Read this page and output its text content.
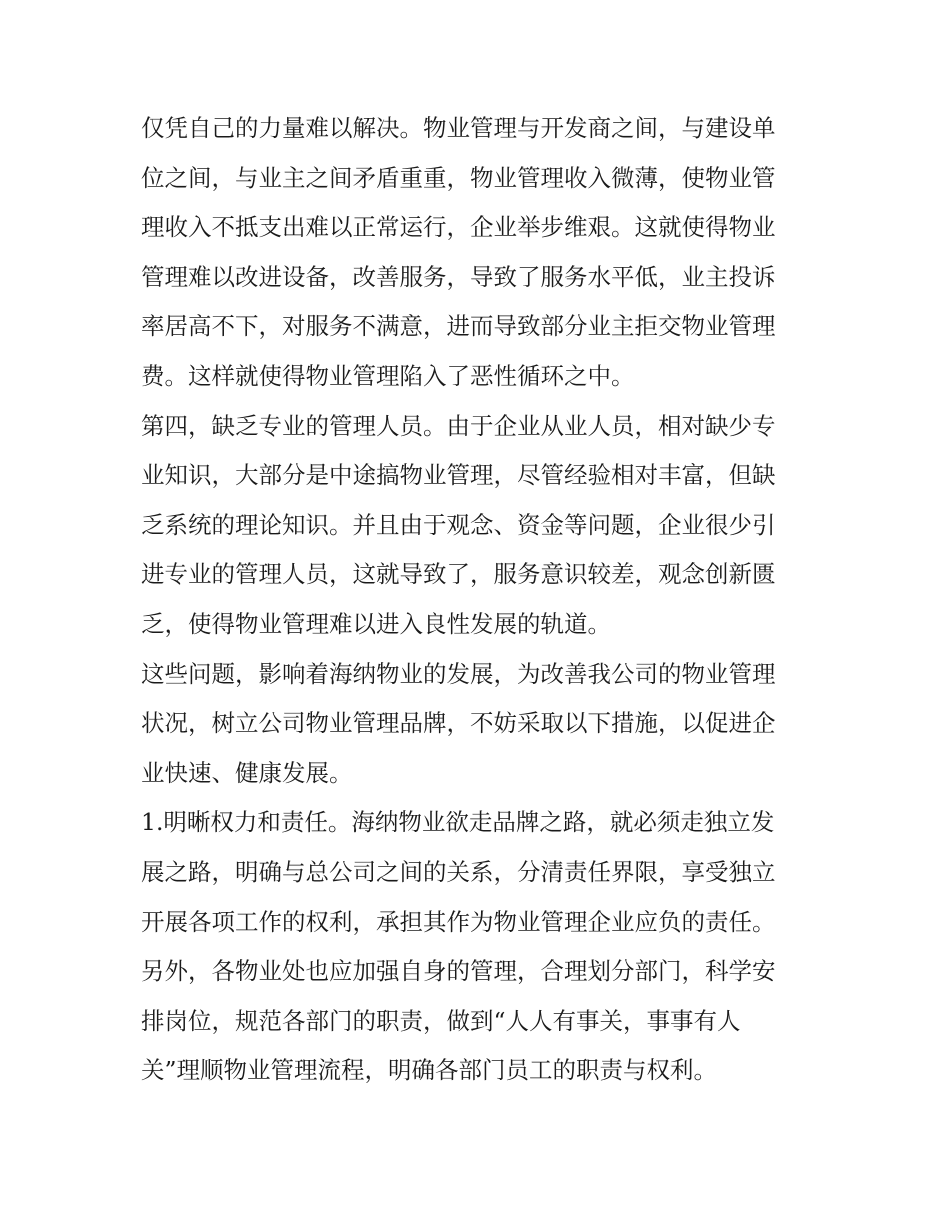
仅凭自己的力量难以解决。物业管理与开发商之间，与建设单
位之间，与业主之间矛盾重重，物业管理收入微薄，使物业管
理收入不抵支出难以正常运行，企业举步维艰。这就使得物业
管理难以改进设备，改善服务，导致了服务水平低，业主投诉
率居高不下，对服务不满意，进而导致部分业主拒交物业管理
费。这样就使得物业管理陷入了恶性循环之中。
第四，缺乏专业的管理人员。由于企业从业人员，相对缺少专
业知识，大部分是中途搞物业管理，尽管经验相对丰富，但缺
乏系统的理论知识。并且由于观念、资金等问题，企业很少引
进专业的管理人员，这就导致了，服务意识较差，观念创新匮
乏，使得物业管理难以进入良性发展的轨道。
这些问题，影响着海纳物业的发展，为改善我公司的物业管理
状况，树立公司物业管理品牌，不妨采取以下措施，以促进企
业快速、健康发展。
1.明晰权力和责任。海纳物业欲走品牌之路，就必须走独立发
展之路，明确与总公司之间的关系，分清责任界限，享受独立
开展各项工作的权利，承担其作为物业管理企业应负的责任。
另外，各物业处也应加强自身的管理，合理划分部门，科学安
排岗位，规范各部门的职责，做到“人人有事关，事事有人
关”理顺物业管理流程，明确各部门员工的职责与权利。
